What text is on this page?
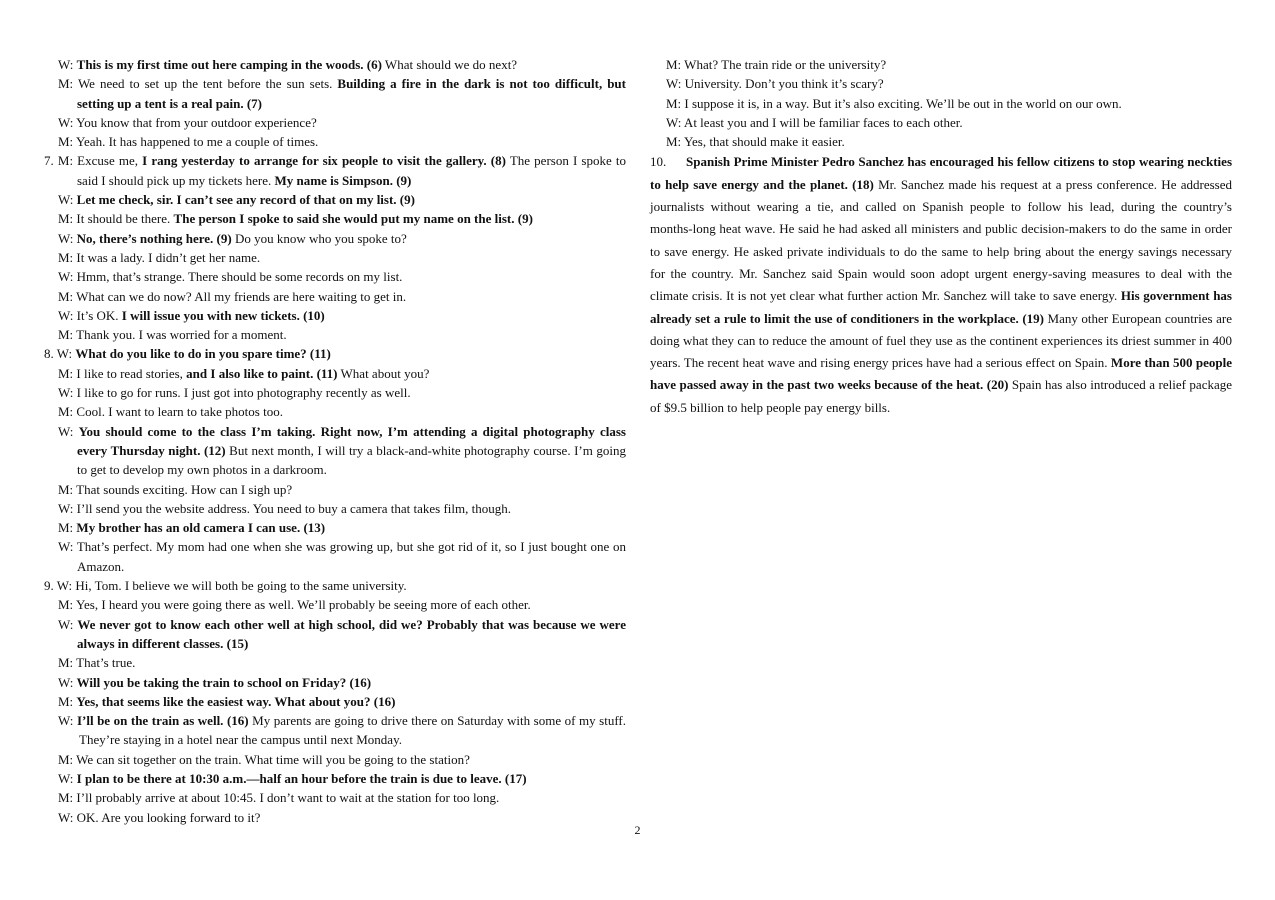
W: This is my first time out here camping in the woods. (6) What should we do next?
M: We need to set up the tent before the sun sets. Building a fire in the dark is not too difficult, but
setting up a tent is a real pain. (7)
W: You know that from your outdoor experience?
M: Yeah. It has happened to me a couple of times.
7. M: Excuse me, I rang yesterday to arrange for six people to visit the gallery. (8) The person I spoke to
said I should pick up my tickets here. My name is Simpson. (9)
W: Let me check, sir. I can’t see any record of that on my list. (9)
M: It should be there. The person I spoke to said she would put my name on the list. (9)
W: No, there’s nothing here. (9) Do you know who you spoke to?
M: It was a lady. I didn’t get her name.
W: Hmm, that’s strange. There should be some records on my list.
M: What can we do now? All my friends are here waiting to get in.
W: It’s OK. I will issue you with new tickets. (10)
M: Thank you. I was worried for a moment.
8. W: What do you like to do in you spare time? (11)
M: I like to read stories, and I also like to paint. (11) What about you?
W: I like to go for runs. I just got into photography recently as well.
M: Cool. I want to learn to take photos too.
W: You should come to the class I’m taking. Right now, I’m attending a digital photography class
every Thursday night. (12) But next month, I will try a black-and-white photography course. I’m going
to get to develop my own photos in a darkroom.
M: That sounds exciting. How can I sigh up?
W: I’ll send you the website address. You need to buy a camera that takes film, though.
M: My brother has an old camera I can use. (13)
W: That’s perfect. My mom had one when she was growing up, but she got rid of it, so I just bought one on
Amazon.
9. W: Hi, Tom. I believe we will both be going to the same university.
M: Yes, I heard you were going there as well. We’ll probably be seeing more of each other.
W: We never got to know each other well at high school, did we? Probably that was because we were
always in different classes. (15)
M: That’s true.
W: Will you be taking the train to school on Friday? (16)
M: Yes, that seems like the easiest way. What about you? (16)
W: I’ll be on the train as well. (16) My parents are going to drive there on Saturday with some of my stuff.
They’re staying in a hotel near the campus until next Monday.
M: We can sit together on the train. What time will you be going to the station?
W: I plan to be there at 10:30 a.m.—half an hour before the train is due to leave. (17)
M: I’ll probably arrive at about 10:45. I don’t want to wait at the station for too long.
W: OK. Are you looking forward to it?
M: What? The train ride or the university?
W: University. Don’t you think it’s scary?
M: I suppose it is, in a way. But it’s also exciting. We’ll be out in the world on our own.
W: At least you and I will be familiar faces to each other.
M: Yes, that should make it easier.
10. Spanish Prime Minister Pedro Sanchez has encouraged his fellow citizens to stop wearing neckties
to help save energy and the planet. (18) Mr. Sanchez made his request at a press conference. He addressed
journalists without wearing a tie, and called on Spanish people to follow his lead, during the country’s
months-long heat wave. He said he had asked all ministers and public decision-makers to do the same in order
to save energy. He asked private individuals to do the same to help bring about the energy savings necessary
for the country. Mr. Sanchez said Spain would soon adopt urgent energy-saving measures to deal with the
climate crisis. It is not yet clear what further action Mr. Sanchez will take to save energy. His government has
already set a rule to limit the use of conditioners in the workplace. (19) Many other European countries are
doing what they can to reduce the amount of fuel they use as the continent experiences its driest summer in 400
years. The recent heat wave and rising energy prices have had a serious effect on Spain. More than 500 people
have passed away in the past two weeks because of the heat. (20) Spain has also introduced a relief package
of $9.5 billion to help people pay energy bills.
2
